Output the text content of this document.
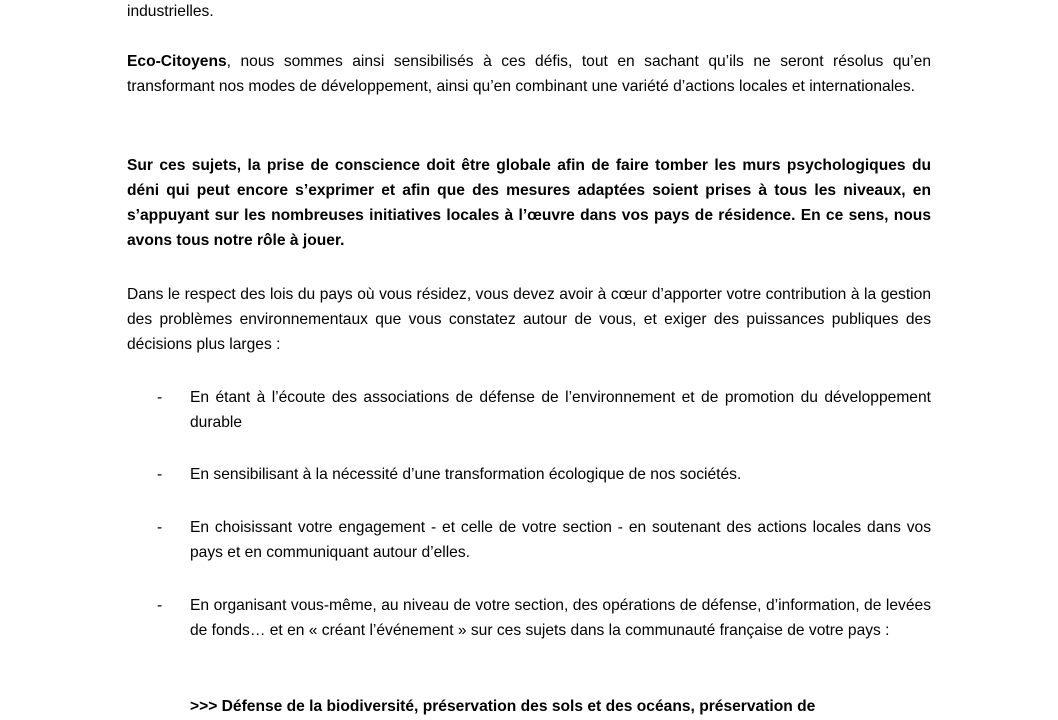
industrielles.

Eco-Citoyens, nous sommes ainsi sensibilisés à ces défis, tout en sachant qu’ils ne seront résolus qu’en transformant nos modes de développement, ainsi qu’en combinant une variété d’actions locales et internationales.

Sur ces sujets, la prise de conscience doit être globale afin de faire tomber les murs psychologiques du déni qui peut encore s’exprimer et afin que des mesures adaptées soient prises à tous les niveaux, en s’appuyant sur les nombreuses initiatives locales à l’œuvre dans vos pays de résidence. En ce sens, nous avons tous notre rôle à jouer.

Dans le respect des lois du pays où vous résidez, vous devez avoir à cœur d’apporter votre contribution à la gestion des problèmes environnementaux que vous constatez autour de vous, et exiger des puissances publiques des décisions plus larges :

- En étant à l’écoute des associations de défense de l’environnement et de promotion du développement durable

- En sensibilisant à la nécessité d’une transformation écologique de nos sociétés.

- En choisissant votre engagement - et celle de votre section - en soutenant des actions locales dans vos pays et en communiquant autour d’elles.

- En organisant vous-même, au niveau de votre section, des opérations de défense, d’information, de levées de fonds… et en « créant l’événement » sur ces sujets dans la communauté française de votre pays :

>>> Défense de la biodiversité, préservation des sols et des océans, préservation de
